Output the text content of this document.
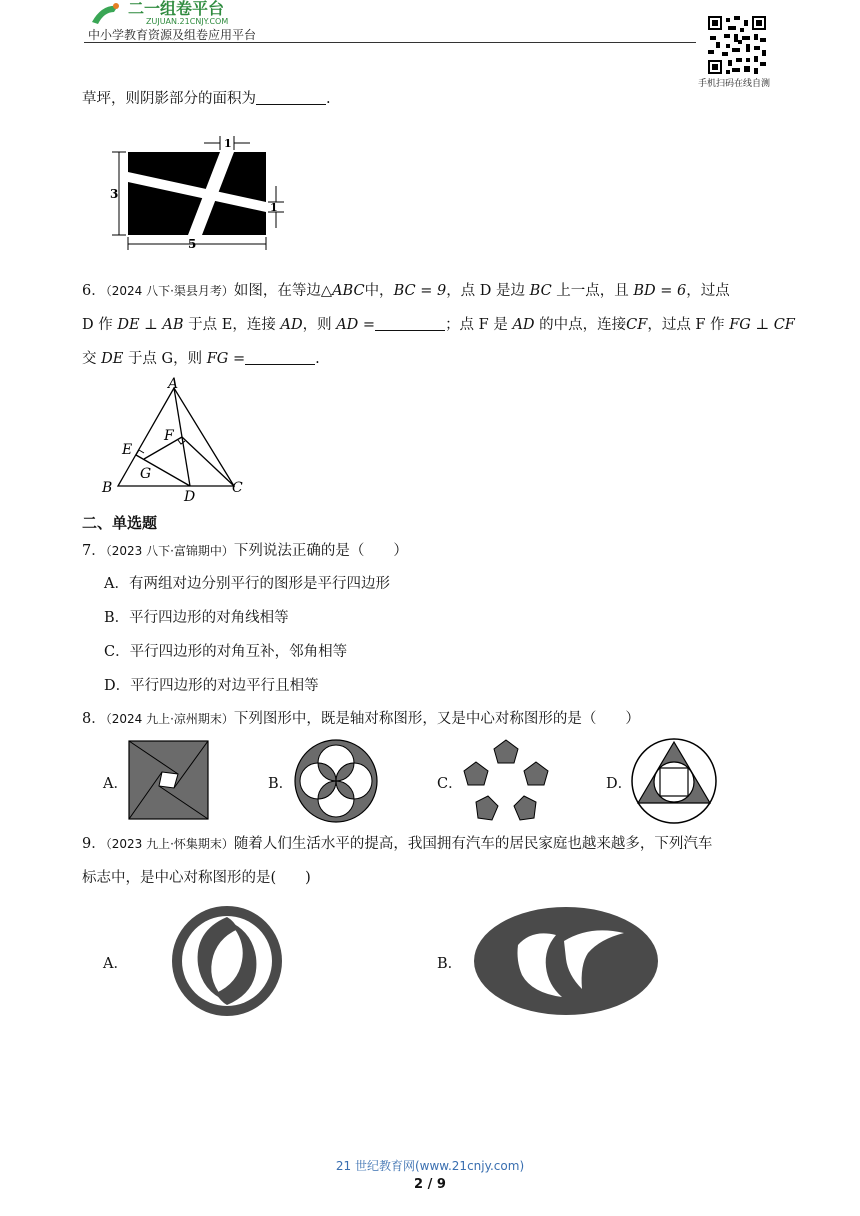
二一组卷平台
ZUJUAN.21CNJY.COM
中小学教育资源及组卷应用平台
手机扫码在线自测
草坪，则阴影部分的面积为	.
1
3
5
1
6．（2024 八下·渠县月考）如图，在等边△ABC中，BC = 9，点 D 是边 BC 上一点，且 BD = 6，过点
D 作 DE ⊥ AB 于点 E，连接 AD，则 AD =	；点 F 是 AD 的中点，连接CF，过点 F 作 FG ⊥ CF
交 DE 于点 G，则 FG =	.
A
B	C
D
E
F
G
二、单选题
7．（2023 八下·富锦期中）下列说法正确的是（　　）
A．有两组对边分别平行的图形是平行四边形
B．平行四边形的对角线相等
C．平行四边形的对角互补，邻角相等
D．平行四边形的对边平行且相等
8．（2024 九上·凉州期末）下列图形中，既是轴对称图形，又是中心对称图形的是（　　）
A．	B．	C．	D．
9．（2023 九上·怀集期末）随着人们生活水平的提高，我国拥有汽车的居民家庭也越来越多，下列汽车
标志中，是中心对称图形的是(　　)
A．	B．
21 世纪教育网(www.21cnjy.com)
2 / 9
